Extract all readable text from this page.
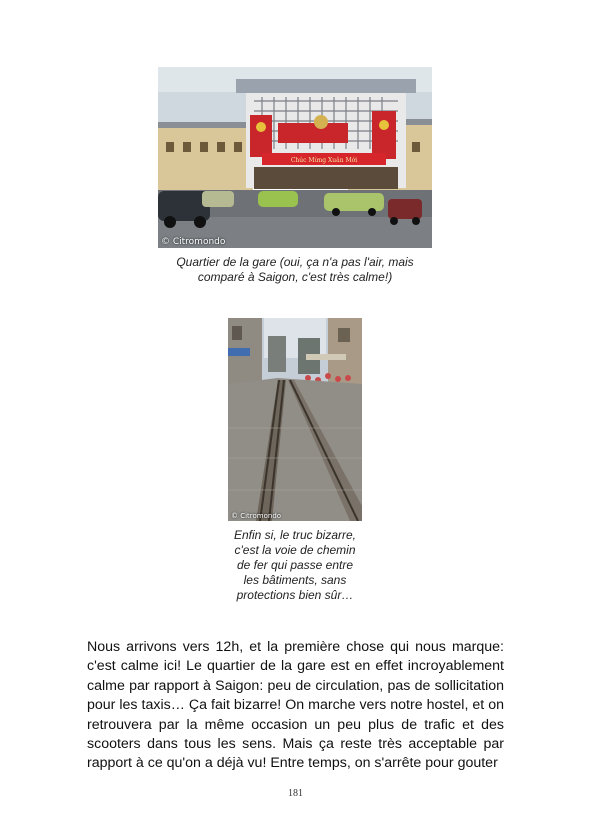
Chúc Mừng Xuân Mới
© Citromondo
Quartier de la gare (oui, ça n'a pas l'air, mais
comparé à Saigon, c'est très calme!)
© Citromondo
Enfin si, le truc bizarre,
c'est la voie de chemin
de fer qui passe entre
les bâtiments, sans
protections bien sûr…

Nous arrivons vers 12h, et la première chose qui nous marque: c'est calme ici! Le quartier de la gare est en effet incroyablement calme par rapport à Saigon: peu de circulation, pas de sollicitation pour les taxis… Ça fait bizarre! On marche vers notre hostel, et on retrouvera par la même occasion un peu plus de trafic et des scooters dans tous les sens. Mais ça reste très acceptable par rapport à ce qu'on a déjà vu! Entre temps, on s'arrête pour gouter

181
